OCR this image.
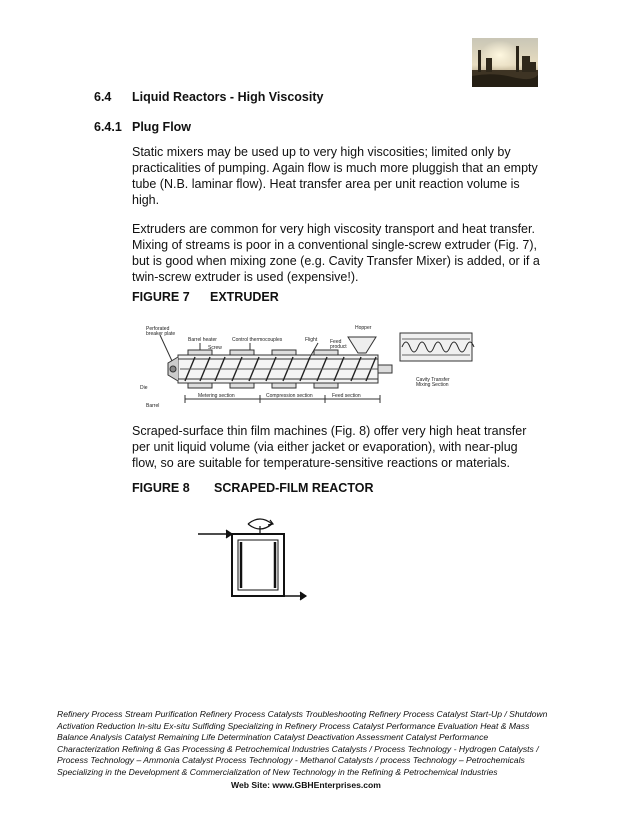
6.4 Liquid Reactors - High Viscosity
6.4.1 Plug Flow
Static mixers may be used up to very high viscosities; limited only by practicalities of pumping. Again flow is much more pluggish that an empty tube (N.B. laminar flow). Heat transfer area per unit reaction volume is high.
Extruders are common for very high viscosity transport and heat transfer. Mixing of streams is poor in a conventional single-screw extruder (Fig. 7), but is good when mixing zone (e.g. Cavity Transfer Mixer) is added, or if a twin-screw extruder is used (expensive!).
FIGURE 7 EXTRUDER
Perforated
breaker plate
Barrel heater	Control thermocouples	Flight
Hopper
Feed
product
Screw
Die
Barrel
Metering section	Compression section	Feed section
Cavity Transfer
Mixing Section
Scraped-surface thin film machines (Fig. 8) offer very high heat transfer per unit liquid volume (via either jacket or evaporation), with near-plug flow, so are suitable for temperature-sensitive reactions or materials.
FIGURE 8 SCRAPED-FILM REACTOR
Refinery Process Stream Purification Refinery Process Catalysts Troubleshooting Refinery Process Catalyst Start-Up / Shutdown
Activation Reduction In-situ Ex-situ Sulfiding Specializing in Refinery Process Catalyst Performance Evaluation Heat & Mass
Balance Analysis Catalyst Remaining Life Determination Catalyst Deactivation Assessment Catalyst Performance
Characterization Refining & Gas Processing & Petrochemical Industries Catalysts / Process Technology - Hydrogen Catalysts /
Process Technology – Ammonia Catalyst Process Technology - Methanol Catalysts / process Technology – Petrochemicals
Specializing in the Development & Commercialization of New Technology in the Refining & Petrochemical Industries
Web Site: www.GBHEnterprises.com
